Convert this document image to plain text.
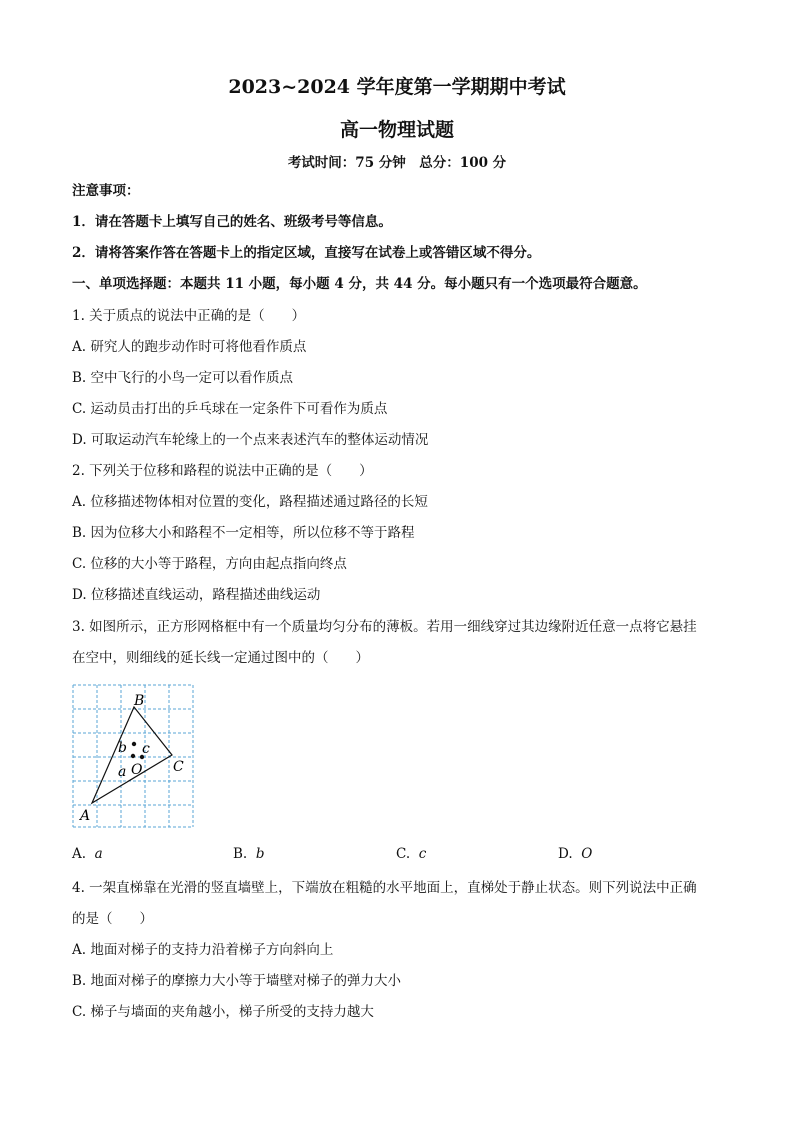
2023~2024 学年度第一学期期中考试
高一物理试题
考试时间：75 分钟　总分：100 分
注意事项：
1．请在答题卡上填写自己的姓名、班级考号等信息。
2．请将答案作答在答题卡上的指定区域，直接写在试卷上或答错区域不得分。
一、单项选择题：本题共 11 小题，每小题 4 分，共 44 分。每小题只有一个选项最符合题意。
1. 关于质点的说法中正确的是（　　）
A. 研究人的跑步动作时可将他看作质点
B. 空中飞行的小鸟一定可以看作质点
C. 运动员击打出的乒乓球在一定条件下可看作为质点
D. 可取运动汽车轮缘上的一个点来表述汽车的整体运动情况
2. 下列关于位移和路程的说法中正确的是（　　）
A. 位移描述物体相对位置的变化，路程描述通过路径的长短
B. 因为位移大小和路程不一定相等，所以位移不等于路程
C. 位移的大小等于路程，方向由起点指向终点
D. 位移描述直线运动，路程描述曲线运动
3. 如图所示，正方形网格框中有一个质量均匀分布的薄板。若用一细线穿过其边缘附近任意一点将它悬挂
在空中，则细线的延长线一定通过图中的（　　）
B
C
A
b c
a O
A. a	B. b	C. c	D. O
4. 一架直梯靠在光滑的竖直墙壁上，下端放在粗糙的水平地面上，直梯处于静止状态。则下列说法中正确
的是（　　）
A. 地面对梯子的支持力沿着梯子方向斜向上
B. 地面对梯子的摩擦力大小等于墙壁对梯子的弹力大小
C. 梯子与墙面的夹角越小，梯子所受的支持力越大
